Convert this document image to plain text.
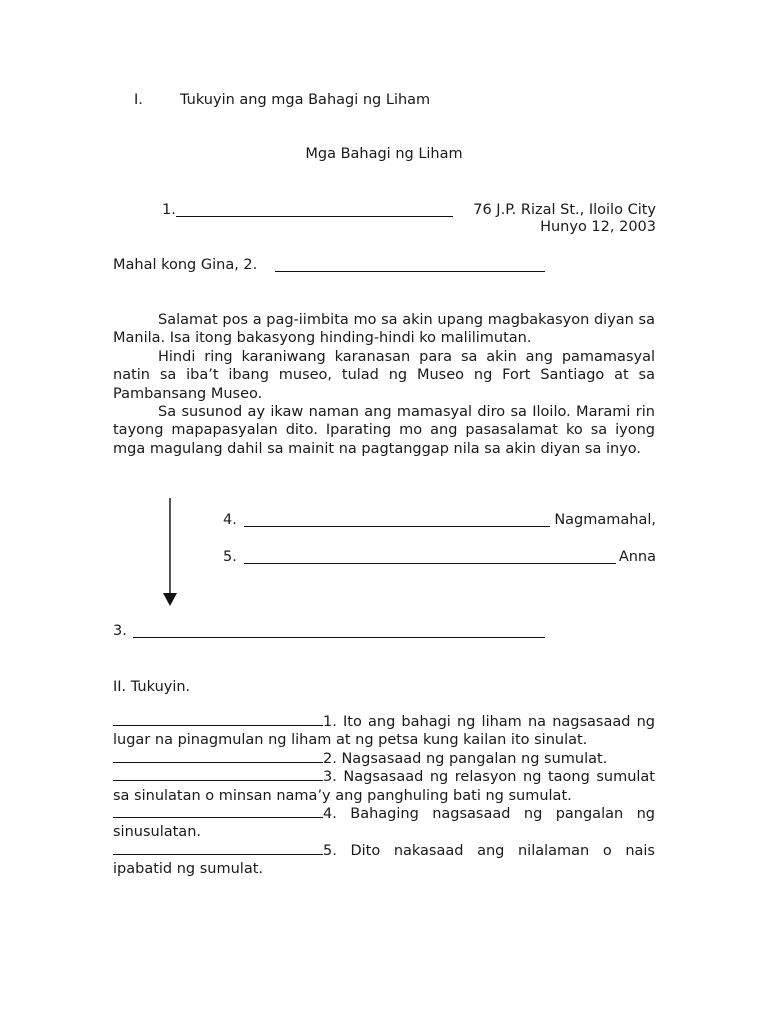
I.	Tukuyin ang mga Bahagi ng Liham
Mga Bahagi ng Liham
1.	76 J.P. Rizal St., Iloilo City
Hunyo 12, 2003
Mahal kong Gina, 2.

Salamat pos a pag-iimbita mo sa akin upang magbakasyon diyan sa Manila. Isa itong bakasyong hinding-hindi ko malilimutan.

Hindi ring karaniwang karanasan para sa akin ang pamamasyal natin sa iba’t ibang museo, tulad ng Museo ng Fort Santiago at sa Pambansang Museo.

Sa susunod ay ikaw naman ang mamasyal diro sa Iloilo. Marami rin tayong mapapasyalan dito. Iparating mo ang pasasalamat ko sa iyong mga magulang dahil sa mainit na pagtanggap nila sa akin diyan sa inyo.

4.	Nagmamahal,
5.	Anna
3.
II. Tukuyin.

1. Ito ang bahagi ng liham na nagsasaad ng lugar na pinagmulan ng liham at ng petsa kung kailan ito sinulat.

2. Nagsasaad ng pangalan ng sumulat.

3. Nagsasaad ng relasyon ng taong sumulat sa sinulatan o minsan nama’y ang panghuling bati ng sumulat.

4. Bahaging nagsasaad ng pangalan ng sinusulatan.

5. Dito nakasaad ang nilalaman o nais ipabatid ng sumulat.
